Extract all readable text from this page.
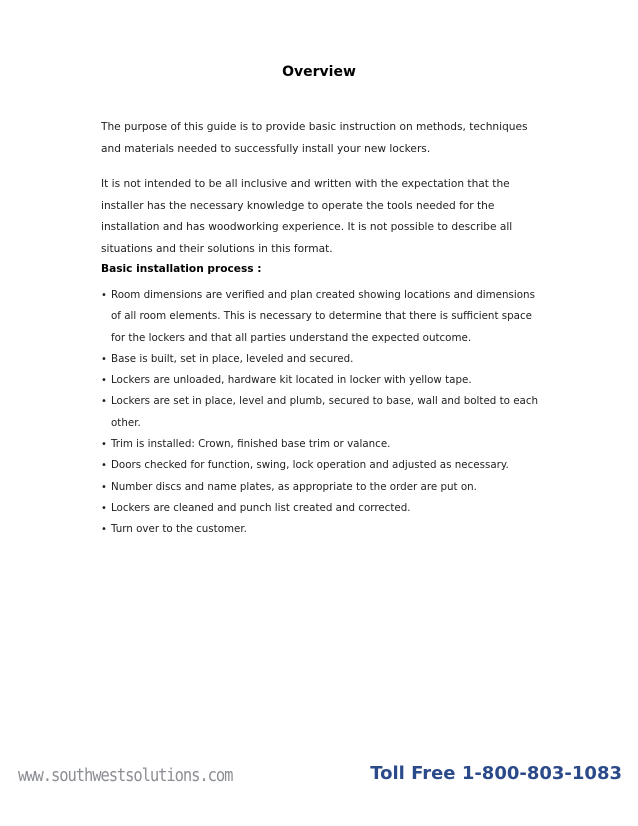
Overview

The purpose of this guide is to provide basic instruction on methods, techniques and materials needed to successfully install your new lockers.

It is not intended to be all inclusive and written with the expectation that the installer has the necessary knowledge to operate the tools needed for the installation and has woodworking experience. It is not possible to describe all situations and their solutions in this format.

Basic installation process :
• Room dimensions are verified and plan created showing locations and dimensions of all room elements. This is necessary to determine that there is sufficient space for the lockers and that all parties understand the expected outcome.
• Base is built, set in place, leveled and secured.
• Lockers are unloaded, hardware kit located in locker with yellow tape.
• Lockers are set in place, level and plumb, secured to base, wall and bolted to each other.
• Trim is installed: Crown, finished base trim or valance.
• Doors checked for function, swing, lock operation and adjusted as necessary.
• Number discs and name plates, as appropriate to the order are put on.
• Lockers are cleaned and punch list created and corrected.
• Turn over to the customer.
www.southwestsolutions.com	Toll Free 1-800-803-1083
